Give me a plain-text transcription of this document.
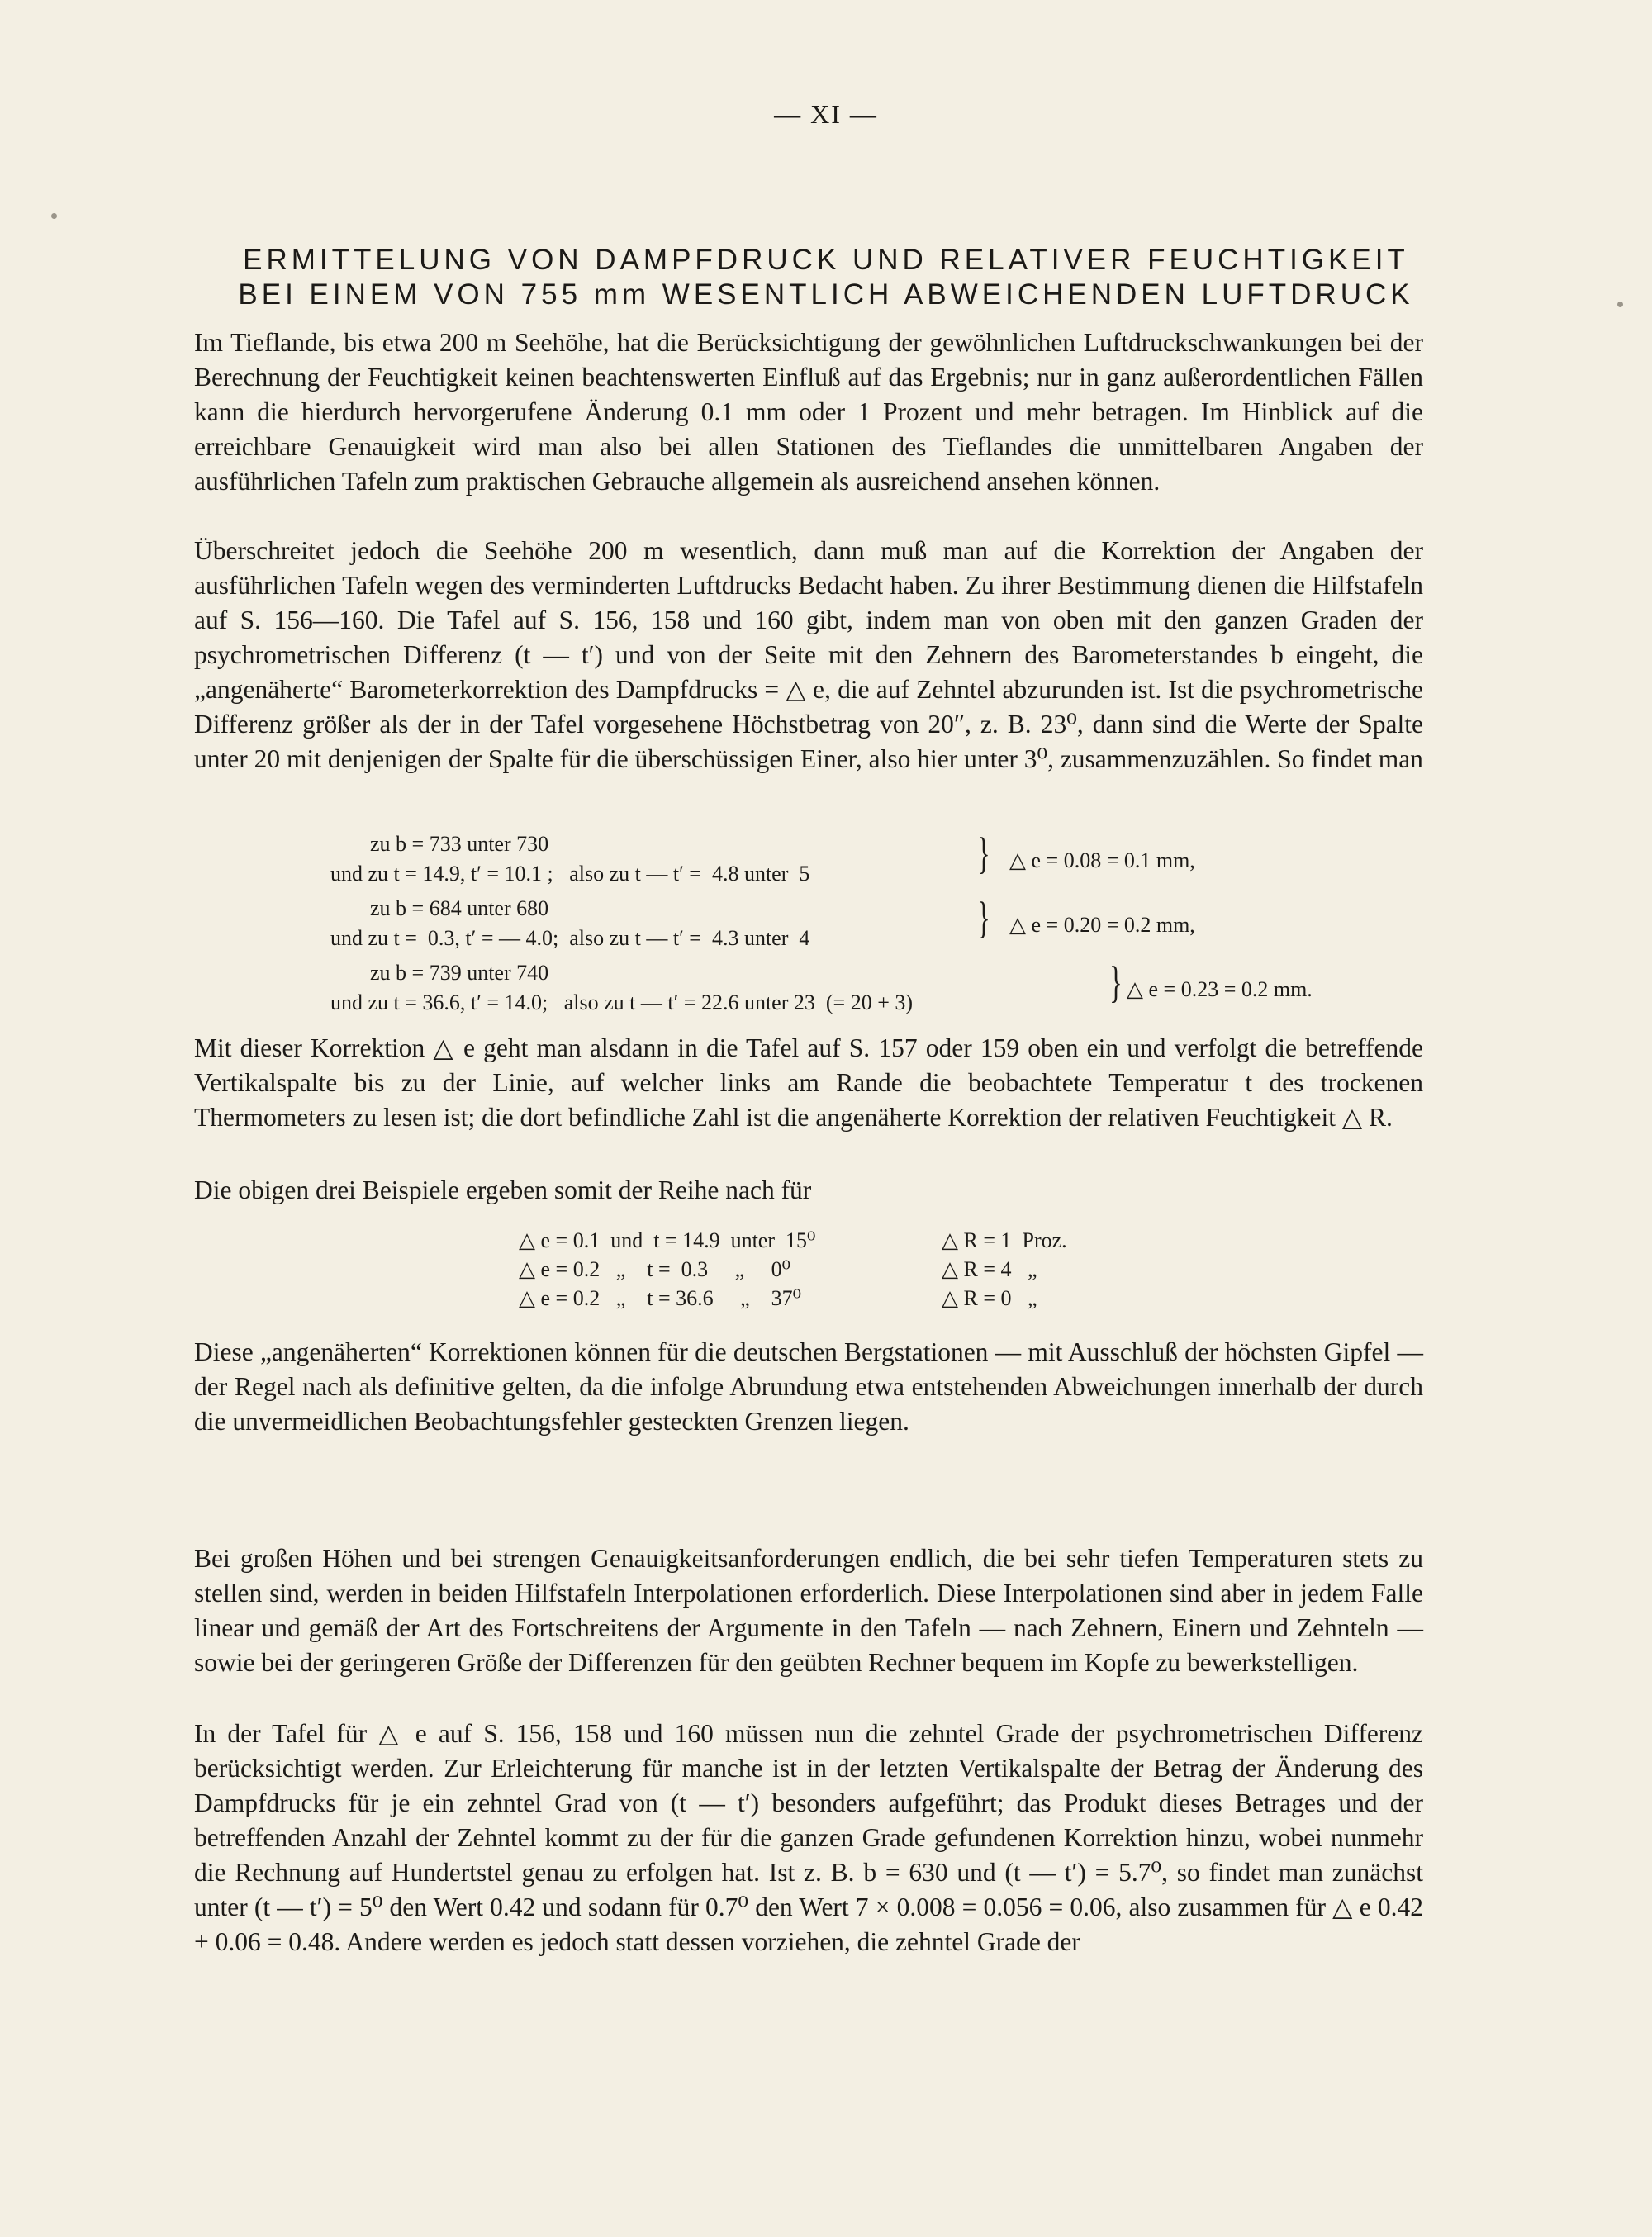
— XI —
ERMITTELUNG VON DAMPFDRUCK UND RELATIVER FEUCHTIGKEIT
BEI EINEM VON 755 mm WESENTLICH ABWEICHENDEN LUFTDRUCK
Im Tieflande, bis etwa 200 m Seehöhe, hat die Berücksichtigung der gewöhnlichen Luftdruckschwankungen bei der Berechnung der Feuchtigkeit keinen beachtenswerten Einfluß auf das Ergebnis; nur in ganz außerordentlichen Fällen kann die hierdurch hervorgerufene Änderung 0.1 mm oder 1 Prozent und mehr betragen. Im Hinblick auf die erreichbare Genauigkeit wird man also bei allen Stationen des Tieflandes die unmittelbaren Angaben der ausführlichen Tafeln zum praktischen Gebrauche allgemein als ausreichend ansehen können.
Überschreitet jedoch die Seehöhe 200 m wesentlich, dann muß man auf die Korrektion der Angaben der ausführlichen Tafeln wegen des verminderten Luftdrucks Bedacht haben. Zu ihrer Bestimmung dienen die Hilfstafeln auf S. 156—160. Die Tafel auf S. 156, 158 und 160 gibt, indem man von oben mit den ganzen Graden der psychrometrischen Differenz (t — t′) und von der Seite mit den Zehnern des Barometerstandes b eingeht, die „angenäherte“ Barometerkorrektion des Dampfdrucks = △ e, die auf Zehntel abzurunden ist. Ist die psychrometrische Differenz größer als der in der Tafel vorgesehene Höchstbetrag von 20″, z. B. 23⁰, dann sind die Werte der Spalte unter 20 mit denjenigen der Spalte für die überschüssigen Einer, also hier unter 3⁰, zusammenzuzählen. So findet man
zu b = 733 unter 730
und zu t = 14.9, t′ = 10.1 ;   also zu t — t′ =  4.8 unter  5	} △ e = 0.08 = 0.1 mm,
zu b = 684 unter 680
und zu t =  0.3, t′ = — 4.0;  also zu t — t′ =  4.3 unter  4	} △ e = 0.20 = 0.2 mm,
zu b = 739 unter 740
und zu t = 36.6, t′ = 14.0;   also zu t — t′ = 22.6 unter 23  (= 20 + 3)	} △ e = 0.23 = 0.2 mm.
Mit dieser Korrektion △ e geht man alsdann in die Tafel auf S. 157 oder 159 oben ein und verfolgt die betreffende Vertikalspalte bis zu der Linie, auf welcher links am Rande die beobachtete Temperatur t des trockenen Thermometers zu lesen ist; die dort befindliche Zahl ist die angenäherte Korrektion der relativen Feuchtigkeit △ R.
Die obigen drei Beispiele ergeben somit der Reihe nach für
△ e = 0.1  und  t = 14.9  unter  15⁰	△ R = 1  Proz.
△ e = 0.2   „    t =  0.3     „     0⁰	△ R = 4   „
△ e = 0.2   „    t = 36.6     „    37⁰	△ R = 0   „
Diese „angenäherten“ Korrektionen können für die deutschen Bergstationen — mit Ausschluß der höchsten Gipfel — der Regel nach als definitive gelten, da die infolge Abrundung etwa entstehenden Abweichungen innerhalb der durch die unvermeidlichen Beobachtungsfehler gesteckten Grenzen liegen.
Bei großen Höhen und bei strengen Genauigkeitsanforderungen endlich, die bei sehr tiefen Temperaturen stets zu stellen sind, werden in beiden Hilfstafeln Interpolationen erforderlich. Diese Interpolationen sind aber in jedem Falle linear und gemäß der Art des Fortschreitens der Argumente in den Tafeln — nach Zehnern, Einern und Zehnteln — sowie bei der geringeren Größe der Differenzen für den geübten Rechner bequem im Kopfe zu bewerkstelligen.
In der Tafel für △ e auf S. 156, 158 und 160 müssen nun die zehntel Grade der psychrometrischen Differenz berücksichtigt werden. Zur Erleichterung für manche ist in der letzten Vertikalspalte der Betrag der Änderung des Dampfdrucks für je ein zehntel Grad von (t — t′) besonders aufgeführt; das Produkt dieses Betrages und der betreffenden Anzahl der Zehntel kommt zu der für die ganzen Grade gefundenen Korrektion hinzu, wobei nunmehr die Rechnung auf Hundertstel genau zu erfolgen hat. Ist z. B. b = 630 und (t — t′) = 5.7⁰, so findet man zunächst unter (t — t′) = 5⁰ den Wert 0.42 und sodann für 0.7⁰ den Wert 7 × 0.008 = 0.056 = 0.06, also zusammen für △ e 0.42 + 0.06 = 0.48. Andere werden es jedoch statt dessen vorziehen, die zehntel Grade der
